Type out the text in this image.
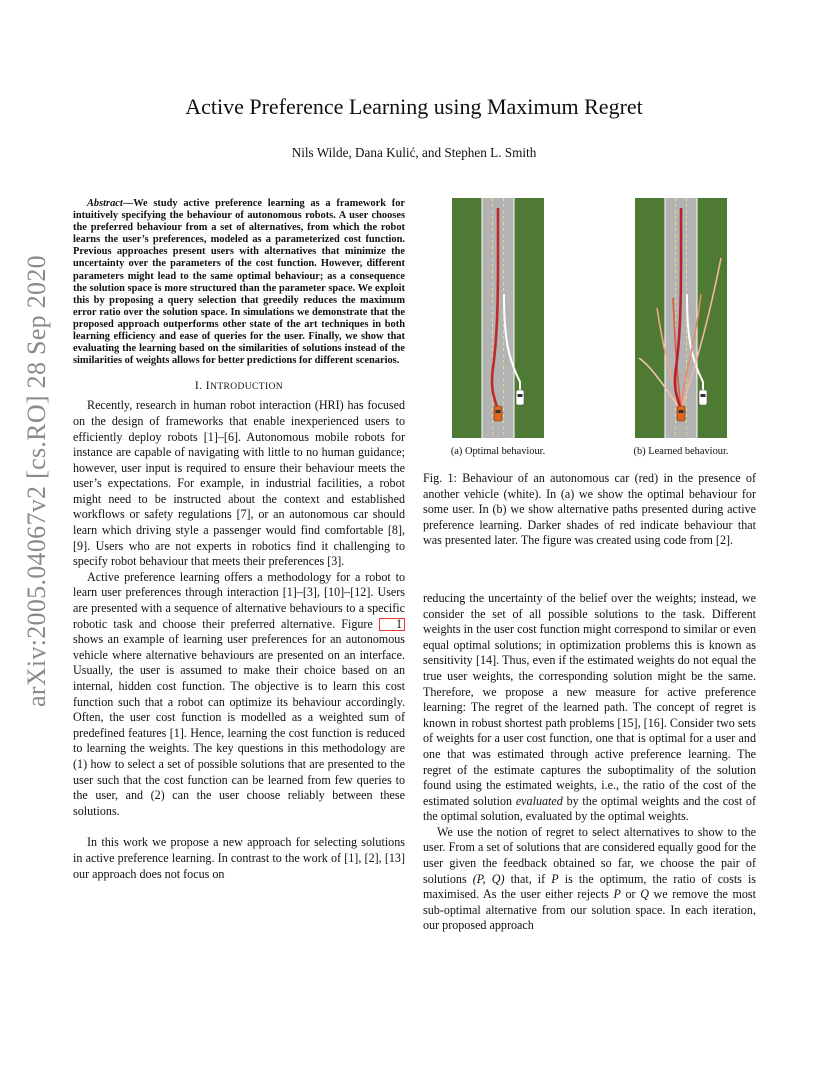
arXiv:2005.04067v2 [cs.RO] 28 Sep 2020
Active Preference Learning using Maximum Regret
Nils Wilde, Dana Kulić, and Stephen L. Smith

Abstract—We study active preference learning as a framework for intuitively specifying the behaviour of autonomous robots. A user chooses the preferred behaviour from a set of alternatives, from which the robot learns the user’s preferences, modeled as a parameterized cost function. Previous approaches present users with alternatives that minimize the uncertainty over the parameters of the cost function. However, different parameters might lead to the same optimal behaviour; as a consequence the solution space is more structured than the parameter space. We exploit this by proposing a query selection that greedily reduces the maximum error ratio over the solution space. In simulations we demonstrate that the proposed approach outperforms other state of the art techniques in both learning efficiency and ease of queries for the user. Finally, we show that evaluating the learning based on the similarities of solutions instead of the similarities of weights allows for better predictions for different scenarios.

I. INTRODUCTION

Recently, research in human robot interaction (HRI) has focused on the design of frameworks that enable inexperienced users to efficiently deploy robots [1]–[6]. Autonomous mobile robots for instance are capable of navigating with little to no human guidance; however, user input is required to ensure their behaviour meets the user’s expectations. For example, in industrial facilities, a robot might need to be instructed about the context and established workflows or safety regulations [7], or an autonomous car should learn which driving style a passenger would find comfortable [8], [9]. Users who are not experts in robotics find it challenging to specify robot behaviour that meets their preferences [3].

Active preference learning offers a methodology for a robot to learn user preferences through interaction [1]–[3], [10]–[12]. Users are presented with a sequence of alternative behaviours to a specific robotic task and choose their preferred alternative. Figure 1 shows an example of learning user preferences for an autonomous vehicle where alternative behaviours are presented on an interface. Usually, the user is assumed to make their choice based on an internal, hidden cost function. The objective is to learn this cost function such that a robot can optimize its behaviour accordingly. Often, the user cost function is modelled as a weighted sum of predefined features [1]. Hence, learning the cost function is reduced to learning the weights. The key questions in this methodology are (1) how to select a set of possible solutions that are presented to the user such that the cost function can be learned from few queries to the user, and (2) can the user choose reliably between these solutions.

In this work we propose a new approach for selecting solutions in active preference learning. In contrast to the work of [1], [2], [13] our approach does not focus on

(a) Optimal behaviour.	(b) Learned behaviour.
Fig. 1: Behaviour of an autonomous car (red) in the presence of another vehicle (white). In (a) we show the optimal behaviour for some user. In (b) we show alternative paths presented during active preference learning. Darker shades of red indicate behaviour that was presented later. The figure was created using code from [2].

reducing the uncertainty of the belief over the weights; instead, we consider the set of all possible solutions to the task. Different weights in the user cost function might correspond to similar or even equal optimal solutions; in optimization problems this is known as sensitivity [14]. Thus, even if the estimated weights do not equal the true user weights, the corresponding solution might be the same. Therefore, we propose a new measure for active preference learning: The regret of the learned path. The concept of regret is known in robust shortest path problems [15], [16]. Consider two sets of weights for a user cost function, one that is optimal for a user and one that was estimated through active preference learning. The regret of the estimate captures the suboptimality of the solution found using the estimated weights, i.e., the ratio of the cost of the estimated solution evaluated by the optimal weights and the cost of the optimal solution, evaluated by the optimal weights.

We use the notion of regret to select alternatives to show to the user. From a set of solutions that are considered equally good for the user given the feedback obtained so far, we choose the pair of solutions (P, Q) that, if P is the optimum, the ratio of costs is maximised. As the user either rejects P or Q we remove the most sub-optimal alternative from our solution space. In each iteration, our proposed approach
